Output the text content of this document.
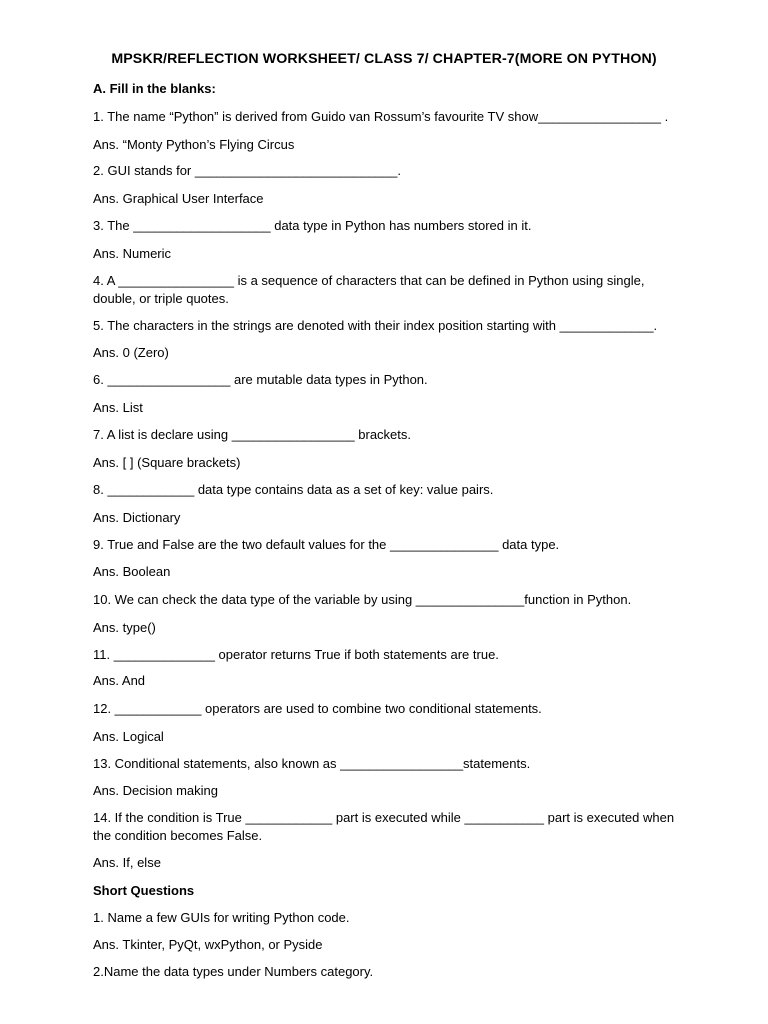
MPSKR/REFLECTION WORKSHEET/ CLASS 7/ CHAPTER-7(MORE ON PYTHON)
A. Fill in the blanks:
1. The name “Python” is derived from Guido van Rossum’s favourite TV show_________________ .
Ans. “Monty Python’s Flying Circus
2. GUI stands for ____________________________.
Ans. Graphical User Interface
3. The ___________________ data type in Python has numbers stored in it.
Ans. Numeric
4. A ________________ is a sequence of characters that can be defined in Python using single, double, or triple quotes.
5. The characters in the strings are denoted with their index position starting with _____________.
Ans. 0 (Zero)
6. _________________ are mutable data types in Python.
Ans. List
7. A list is declare using _________________ brackets.
Ans. [ ] (Square brackets)
8. ____________ data type contains data as a set of key: value pairs.
Ans. Dictionary
9. True and False are the two default values for the _______________ data type.
Ans. Boolean
10. We can check the data type of the variable by using _______________function in Python.
Ans. type()
11. ______________ operator returns True if both statements are true.
Ans. And
12. ____________ operators are used to combine two conditional statements.
Ans. Logical
13. Conditional statements, also known as _________________statements.
Ans. Decision making
14. If the condition is True ____________ part is executed while ___________ part is executed when the condition becomes False.
Ans. If, else
Short Questions
1. Name a few GUIs for writing Python code.
Ans. Tkinter, PyQt, wxPython, or Pyside
2.Name the data types under Numbers category.
